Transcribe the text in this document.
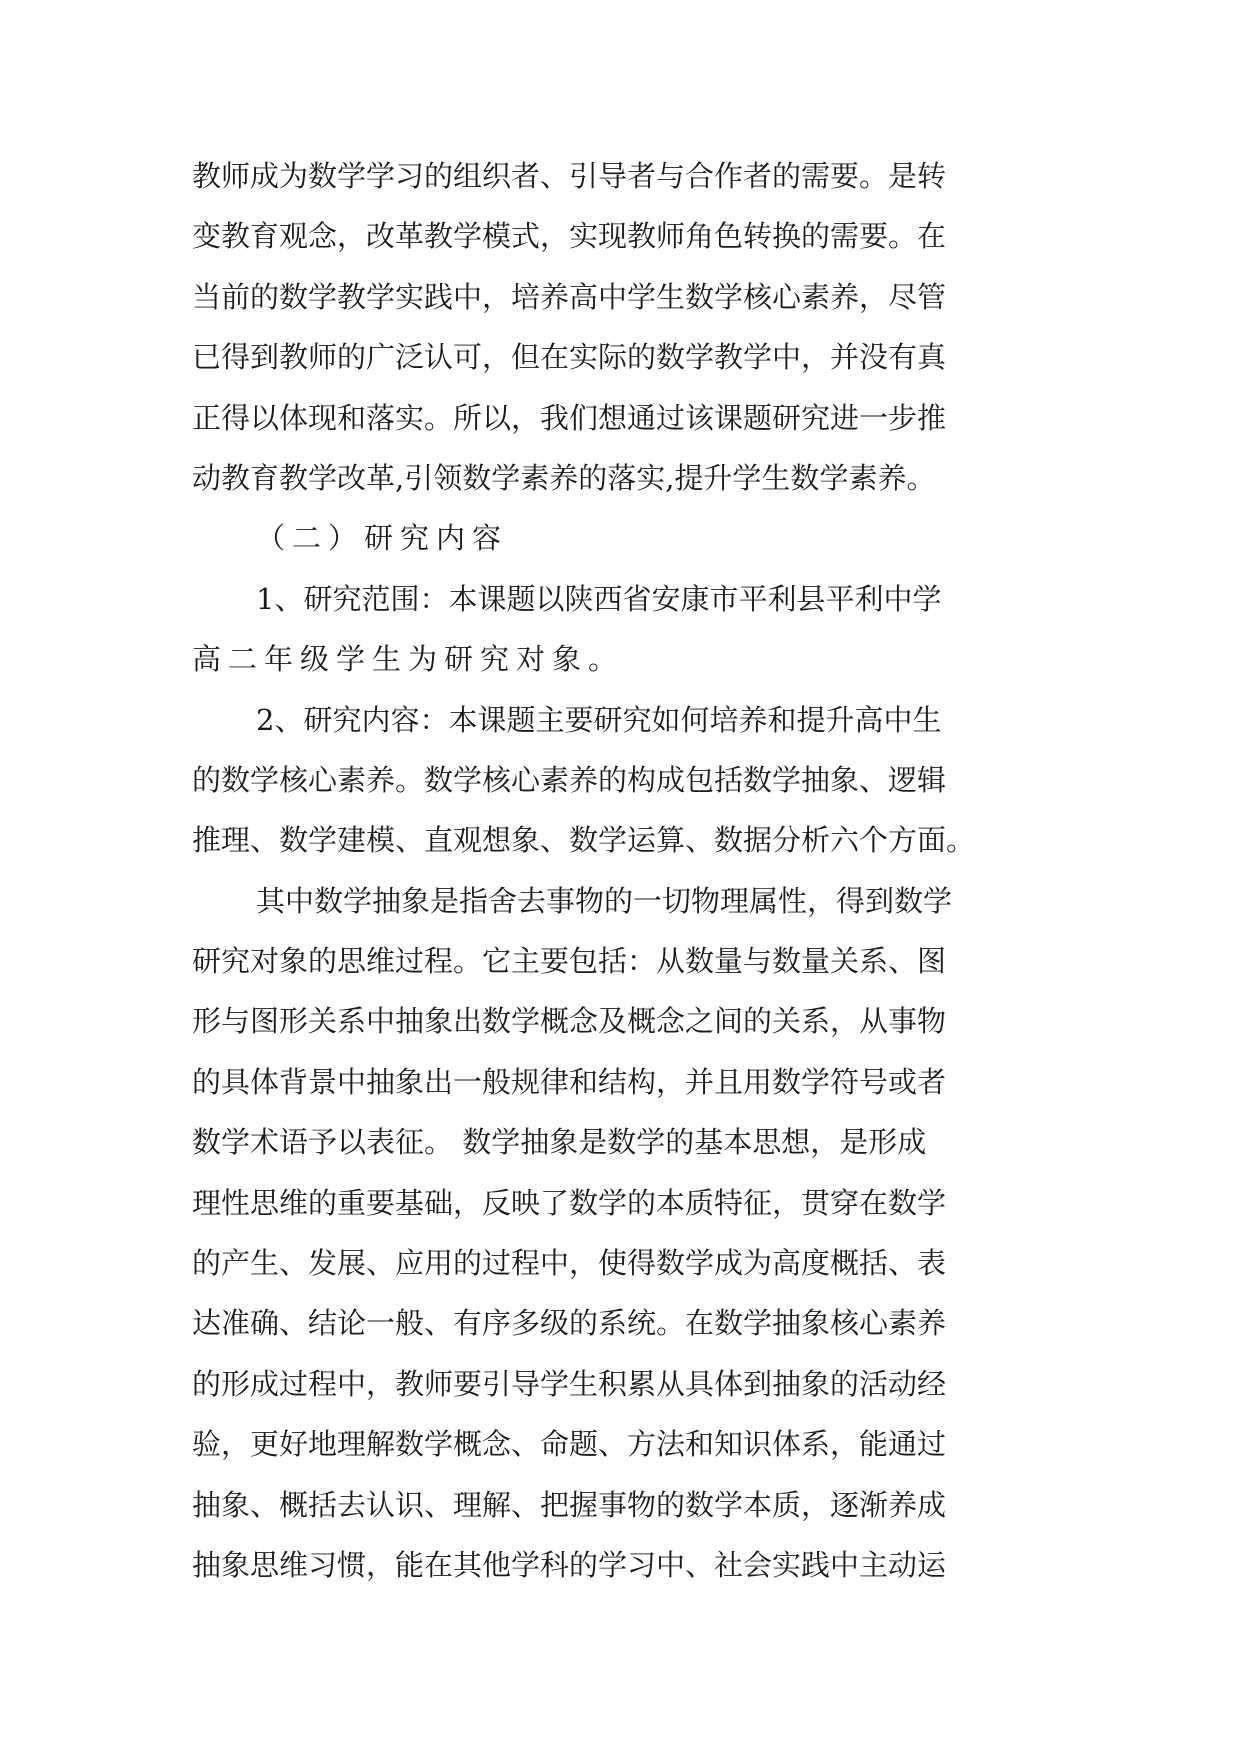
教师成为数学学习的组织者、引导者与合作者的需要。是转
变教育观念，改革教学模式，实现教师角色转换的需要。在
当前的数学教学实践中，培养高中学生数学核心素养，尽管
已得到教师的广泛认可，但在实际的数学教学中，并没有真
正得以体现和落实。所以，我们想通过该课题研究进一步推
动教育教学改革,引领数学素养的落实,提升学生数学素养。
（二）研究内容
1、研究范围：本课题以陕西省安康市平利县平利中学
高二年级学生为研究对象。
2、研究内容：本课题主要研究如何培养和提升高中生
的数学核心素养。数学核心素养的构成包括数学抽象、逻辑
推理、数学建模、直观想象、数学运算、数据分析六个方面。
其中数学抽象是指舍去事物的一切物理属性，得到数学
研究对象的思维过程。它主要包括：从数量与数量关系、图
形与图形关系中抽象出数学概念及概念之间的关系，从事物
的具体背景中抽象出一般规律和结构，并且用数学符号或者
数学术语予以表征。 数学抽象是数学的基本思想，是形成
理性思维的重要基础，反映了数学的本质特征，贯穿在数学
的产生、发展、应用的过程中，使得数学成为高度概括、表
达准确、结论一般、有序多级的系统。在数学抽象核心素养
的形成过程中，教师要引导学生积累从具体到抽象的活动经
验，更好地理解数学概念、命题、方法和知识体系，能通过
抽象、概括去认识、理解、把握事物的数学本质，逐渐养成
抽象思维习惯，能在其他学科的学习中、社会实践中主动运
